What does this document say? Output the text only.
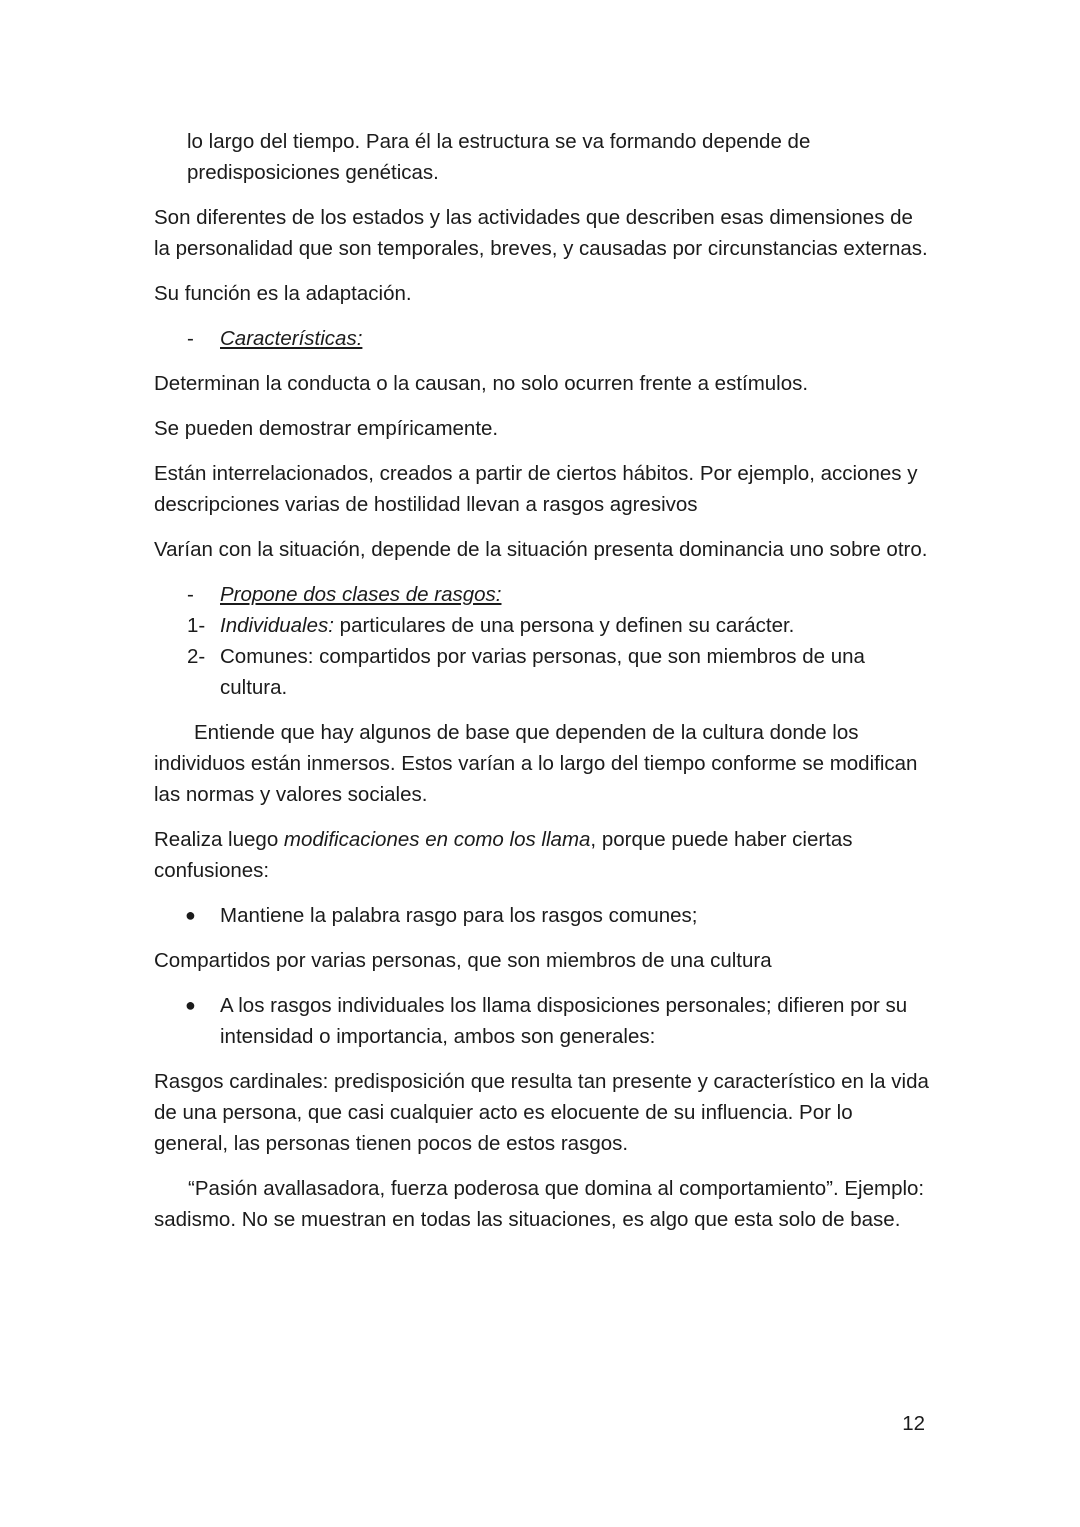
lo largo del tiempo. Para él la estructura se va formando depende de predisposiciones genéticas.

Son diferentes de los estados y las actividades que describen esas dimensiones de la personalidad que son temporales, breves, y causadas por circunstancias externas.

Su función es la adaptación.

- Características:

Determinan la conducta o la causan, no solo ocurren frente a estímulos.

Se pueden demostrar empíricamente.

Están interrelacionados, creados a partir de ciertos hábitos. Por ejemplo, acciones y descripciones varias de hostilidad llevan a rasgos agresivos

Varían con la situación, depende de la situación presenta dominancia uno sobre otro.

- Propone dos clases de rasgos:
1- Individuales: particulares de una persona y definen su carácter.
2- Comunes: compartidos por varias personas, que son miembros de una cultura.

Entiende que hay algunos de base que dependen de la cultura donde los individuos están inmersos. Estos varían a lo largo del tiempo conforme se modifican las normas y valores sociales.

Realiza luego modificaciones en como los llama, porque puede haber ciertas confusiones:

● Mantiene la palabra rasgo para los rasgos comunes;

Compartidos por varias personas, que son miembros de una cultura

● A los rasgos individuales los llama disposiciones personales; difieren por su intensidad o importancia, ambos son generales:

Rasgos cardinales: predisposición que resulta tan presente y característico en la vida de una persona, que casi cualquier acto es elocuente de su influencia. Por lo general, las personas tienen pocos de estos rasgos.

“Pasión avallasadora, fuerza poderosa que domina al comportamiento”. Ejemplo: sadismo. No se muestran en todas las situaciones, es algo que esta solo de base.

12
